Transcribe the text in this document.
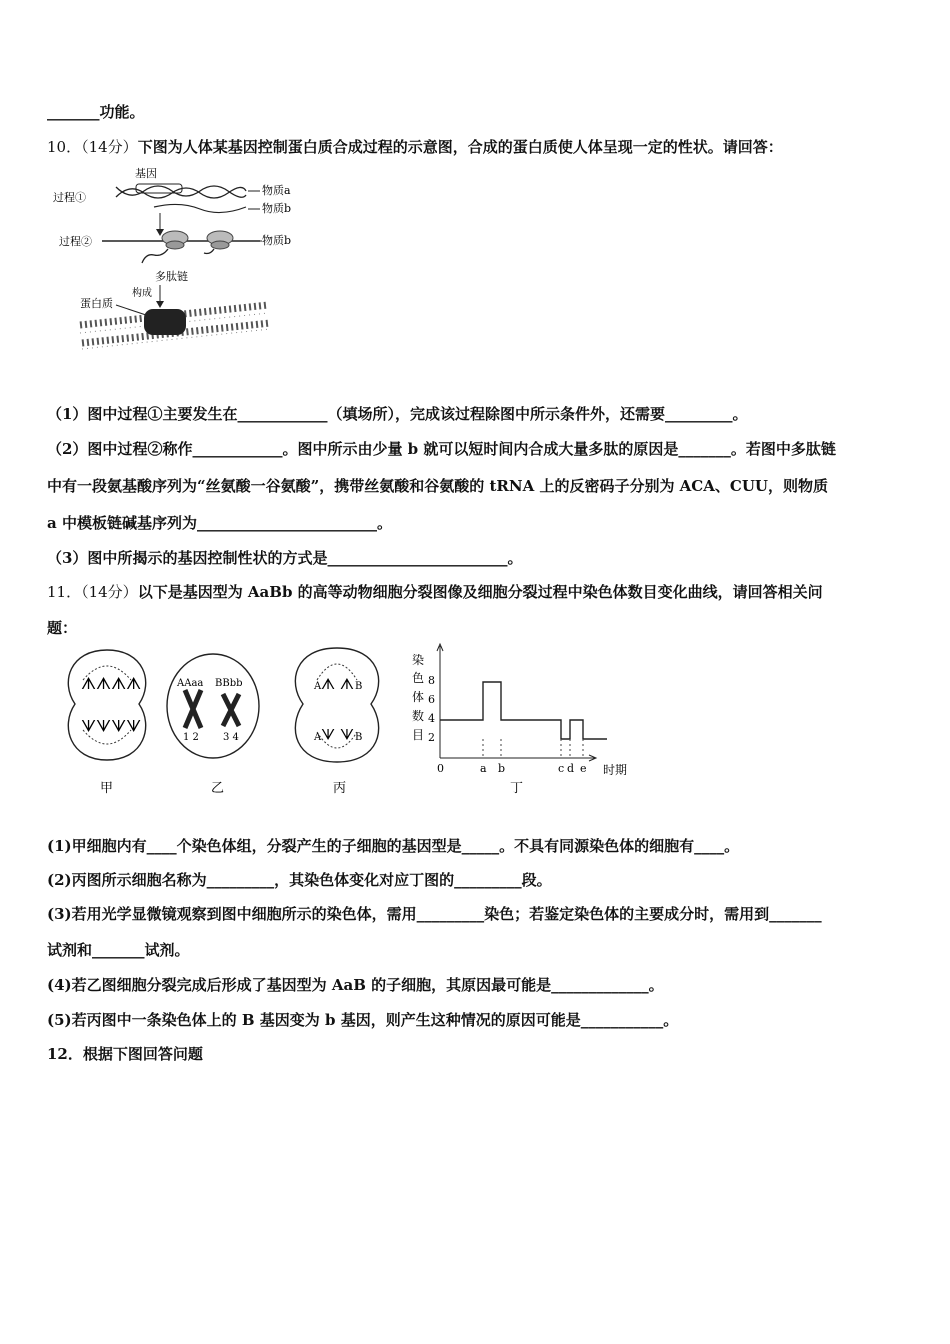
_______功能。
10．（14分）下图为人体某基因控制蛋白质合成过程的示意图，合成的蛋白质使人体呈现一定的性状。请回答：
基因
过程①
物质a
物质b
过程②	物质b
多肽链
构成
蛋白质
（1）图中过程①主要发生在____________（填场所），完成该过程除图中所示条件外，还需要_________。
（2）图中过程②称作____________。图中所示由少量 b 就可以短时间内合成大量多肽的原因是_______。若图中多肽链
中有一段氨基酸序列为“丝氨酸一谷氨酸”，携带丝氨酸和谷氨酸的 tRNA 上的反密码子分别为 ACA、CUU，则物质
a 中模板链碱基序列为________________________。
（3）图中所揭示的基因控制性状的方式是________________________。
11．（14分）以下是基因型为 AaBb 的高等动物细胞分裂图像及细胞分裂过程中染色体数目变化曲线，请回答相关问
题：
ᗑᗑᗑᗑ
ᗐᗐᗐᗐ
甲
AAaa BBbb
1 2 3 4
乙
ᗑ ᗑ
ᗐ ᗐ
A	B
A	B
丙
染
色
体
数
目
8
6
4
2
0	a b	c d e 时期
丁
(1)甲细胞内有____个染色体组，分裂产生的子细胞的基因型是_____。不具有同源染色体的细胞有____。
(2)丙图所示细胞名称为_________，其染色体变化对应丁图的_________段。
(3)若用光学显微镜观察到图中细胞所示的染色体，需用_________染色；若鉴定染色体的主要成分时，需用到_______
试剂和_______试剂。
(4)若乙图细胞分裂完成后形成了基因型为 AaB 的子细胞，其原因最可能是_____________。
(5)若丙图中一条染色体上的 B 基因变为 b 基因，则产生这种情况的原因可能是___________。
12．根据下图回答问题
